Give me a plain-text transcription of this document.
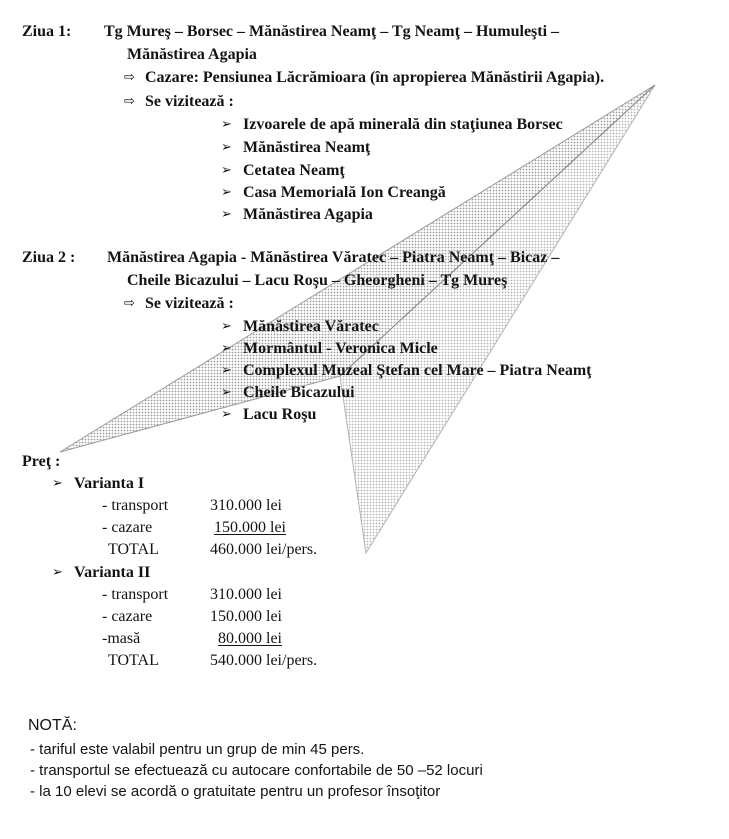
Ziua 1: Tg Mureş – Borsec – Mănăstirea Neamţ – Tg Neamţ – Humuleşti –
Mănăstirea Agapia
⇨ Cazare: Pensiunea Lăcrămioara (în apropierea Mănăstirii Agapia).
⇨ Se vizitează :
➢ Izvoarele de apă minerală din staţiunea Borsec
➢ Mănăstirea Neamţ
➢ Cetatea Neamţ
➢ Casa Memorială Ion Creangă
➢ Mănăstirea Agapia
Ziua 2 : Mănăstirea Agapia - Mănăstirea Văratec – Piatra Neamţ – Bicaz –
Cheile Bicazului – Lacu Roşu – Gheorgheni – Tg Mureş
⇨ Se vizitează :
➢ Mănăstirea Văratec
➢ Mormântul - Veronica Micle
➢ Complexul Muzeal Ştefan cel Mare – Piatra Neamţ
➢ Cheile Bicazului
➢ Lacu Roşu
Preţ :
➢ Varianta I
- transport	310.000 lei
- cazare	150.000 lei
TOTAL	460.000 lei/pers.
➢ Varianta II
- transport	310.000 lei
- cazare	150.000 lei
-masă	80.000 lei
TOTAL	540.000 lei/pers.
NOTĂ:
- tariful este valabil pentru un grup de min 45 pers.
- transportul se efectuează cu autocare confortabile de 50 –52 locuri
- la 10 elevi se acordă o gratuitate pentru un profesor însoţitor
